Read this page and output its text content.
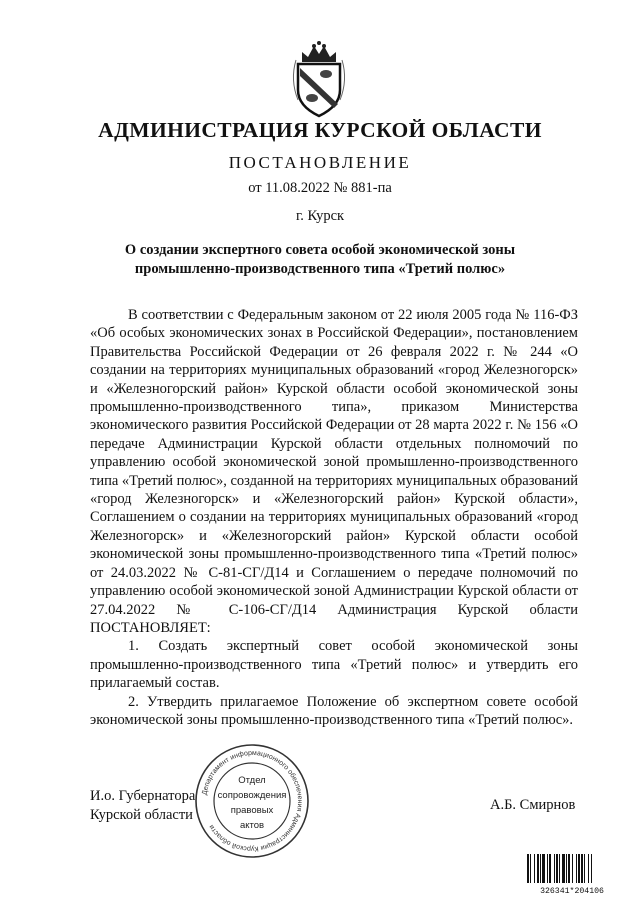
АДМИНИСТРАЦИЯ КУРСКОЙ ОБЛАСТИ
ПОСТАНОВЛЕНИЕ
от 11.08.2022 № 881-па
г. Курск
О создании экспертного совета особой экономической зоны
промышленно-производственного типа «Третий полюс»

В соответствии с Федеральным законом от 22 июля 2005 года № 116-ФЗ «Об особых экономических зонах в Российской Федерации», постановлением Правительства Российской Федерации от 26 февраля 2022 г. № 244 «О создании на территориях муниципальных образований «город Железногорск» и «Железногорский район» Курской области особой экономической зоны промышленно-производственного типа», приказом Министерства экономического развития Российской Федерации от 28 марта 2022 г. № 156 «О передаче Администрации Курской области отдельных полномочий по управлению особой экономической зоной промышленно-производственного типа «Третий полюс», созданной на территориях муниципальных образований «город Железногорск» и «Железногорский район» Курской области», Соглашением о создании на территориях муниципальных образований «город Железногорск» и «Железногорский район» Курской области особой экономической зоны промышленно-производственного типа «Третий полюс» от 24.03.2022 № С-81-СГ/Д14 и Соглашением о передаче полномочий по управлению особой экономической зоной Администрации Курской области от 27.04.2022 № С-106-СГ/Д14 Администрация Курской области ПОСТАНОВЛЯЕТ:

1. Создать экспертный совет особой экономической зоны промышленно-производственного типа «Третий полюс» и утвердить его прилагаемый состав.

2. Утвердить прилагаемое Положение об экспертном совете особой экономической зоны промышленно-производственного типа «Третий полюс».

И.о. Губернатора
Курской области
А.Б. Смирнов
Департамент информационного обеспечения Администрации Курской области
Отдел
сопровождения
правовых
актов
326341*204106
